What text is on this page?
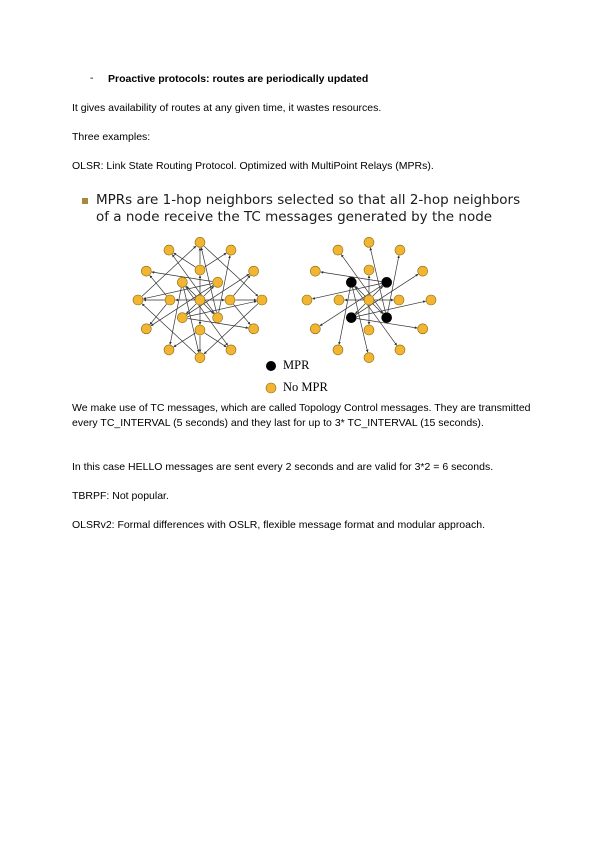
- Proactive protocols: routes are periodically updated
It gives availability of routes at any given time, it wastes resources.
Three examples:
OLSR: Link State Routing Protocol. Optimized with MultiPoint Relays (MPRs).
MPRs are 1-hop neighbors selected so that all 2-hop neighbors
of a node receive the TC messages generated by the node
MPR
No MPR
We make use of TC messages, which are called Topology Control messages. They are transmitted every TC_INTERVAL (5 seconds) and they last for up to 3* TC_INTERVAL (15 seconds).
In this case HELLO messages are sent every 2 seconds and are valid for 3*2 = 6 seconds.
TBRPF: Not popular.
OLSRv2: Formal differences with OSLR, flexible message format and modular approach.
